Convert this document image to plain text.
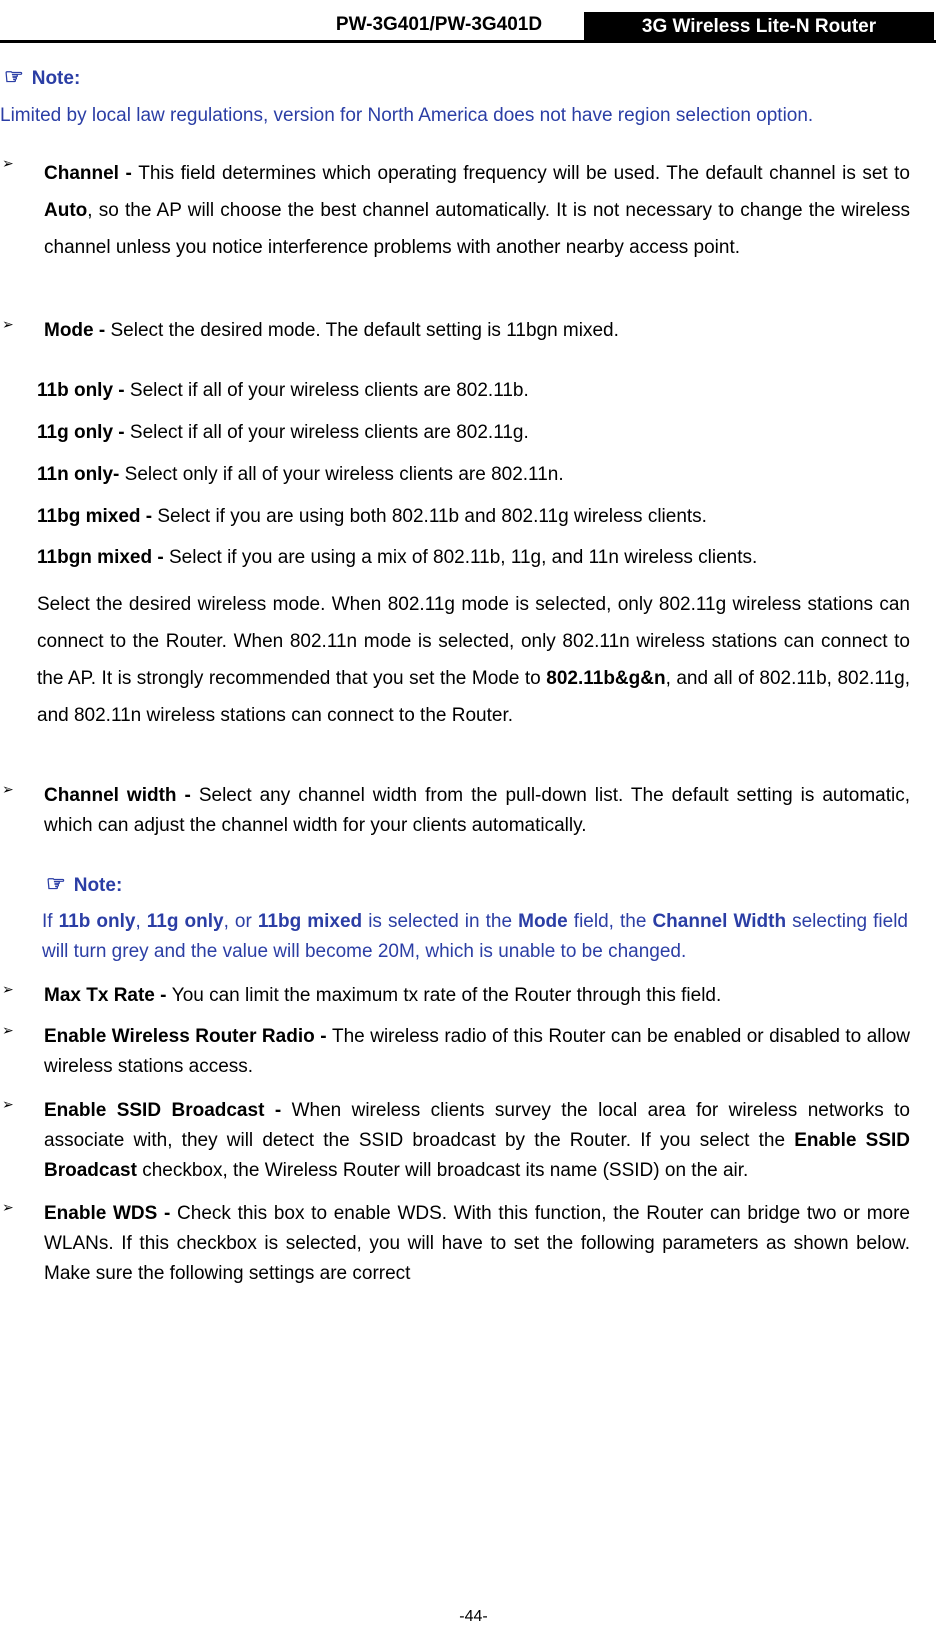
PW-3G401/PW-3G401D	3G Wireless Lite-N Router
☞ Note:
Limited by local law regulations, version for North America does not have region selection option.
➢ Channel - This field determines which operating frequency will be used. The default channel is set to Auto, so the AP will choose the best channel automatically. It is not necessary to change the wireless channel unless you notice interference problems with another nearby access point.
➢ Mode - Select the desired mode. The default setting is 11bgn mixed.
11b only - Select if all of your wireless clients are 802.11b.
11g only - Select if all of your wireless clients are 802.11g.
11n only- Select only if all of your wireless clients are 802.11n.
11bg mixed - Select if you are using both 802.11b and 802.11g wireless clients.
11bgn mixed - Select if you are using a mix of 802.11b, 11g, and 11n wireless clients.
Select the desired wireless mode. When 802.11g mode is selected, only 802.11g wireless stations can connect to the Router. When 802.11n mode is selected, only 802.11n wireless stations can connect to the AP. It is strongly recommended that you set the Mode to 802.11b&g&n, and all of 802.11b, 802.11g, and 802.11n wireless stations can connect to the Router.
➢ Channel width - Select any channel width from the pull-down list. The default setting is automatic, which can adjust the channel width for your clients automatically.
☞ Note:
If 11b only, 11g only, or 11bg mixed is selected in the Mode field, the Channel Width selecting field will turn grey and the value will become 20M, which is unable to be changed.
➢ Max Tx Rate - You can limit the maximum tx rate of the Router through this field.
➢ Enable Wireless Router Radio - The wireless radio of this Router can be enabled or disabled to allow wireless stations access.
➢ Enable SSID Broadcast - When wireless clients survey the local area for wireless networks to associate with, they will detect the SSID broadcast by the Router. If you select the Enable SSID Broadcast checkbox, the Wireless Router will broadcast its name (SSID) on the air.
➢ Enable WDS - Check this box to enable WDS. With this function, the Router can bridge two or more WLANs. If this checkbox is selected, you will have to set the following parameters as shown below. Make sure the following settings are correct
-44-
